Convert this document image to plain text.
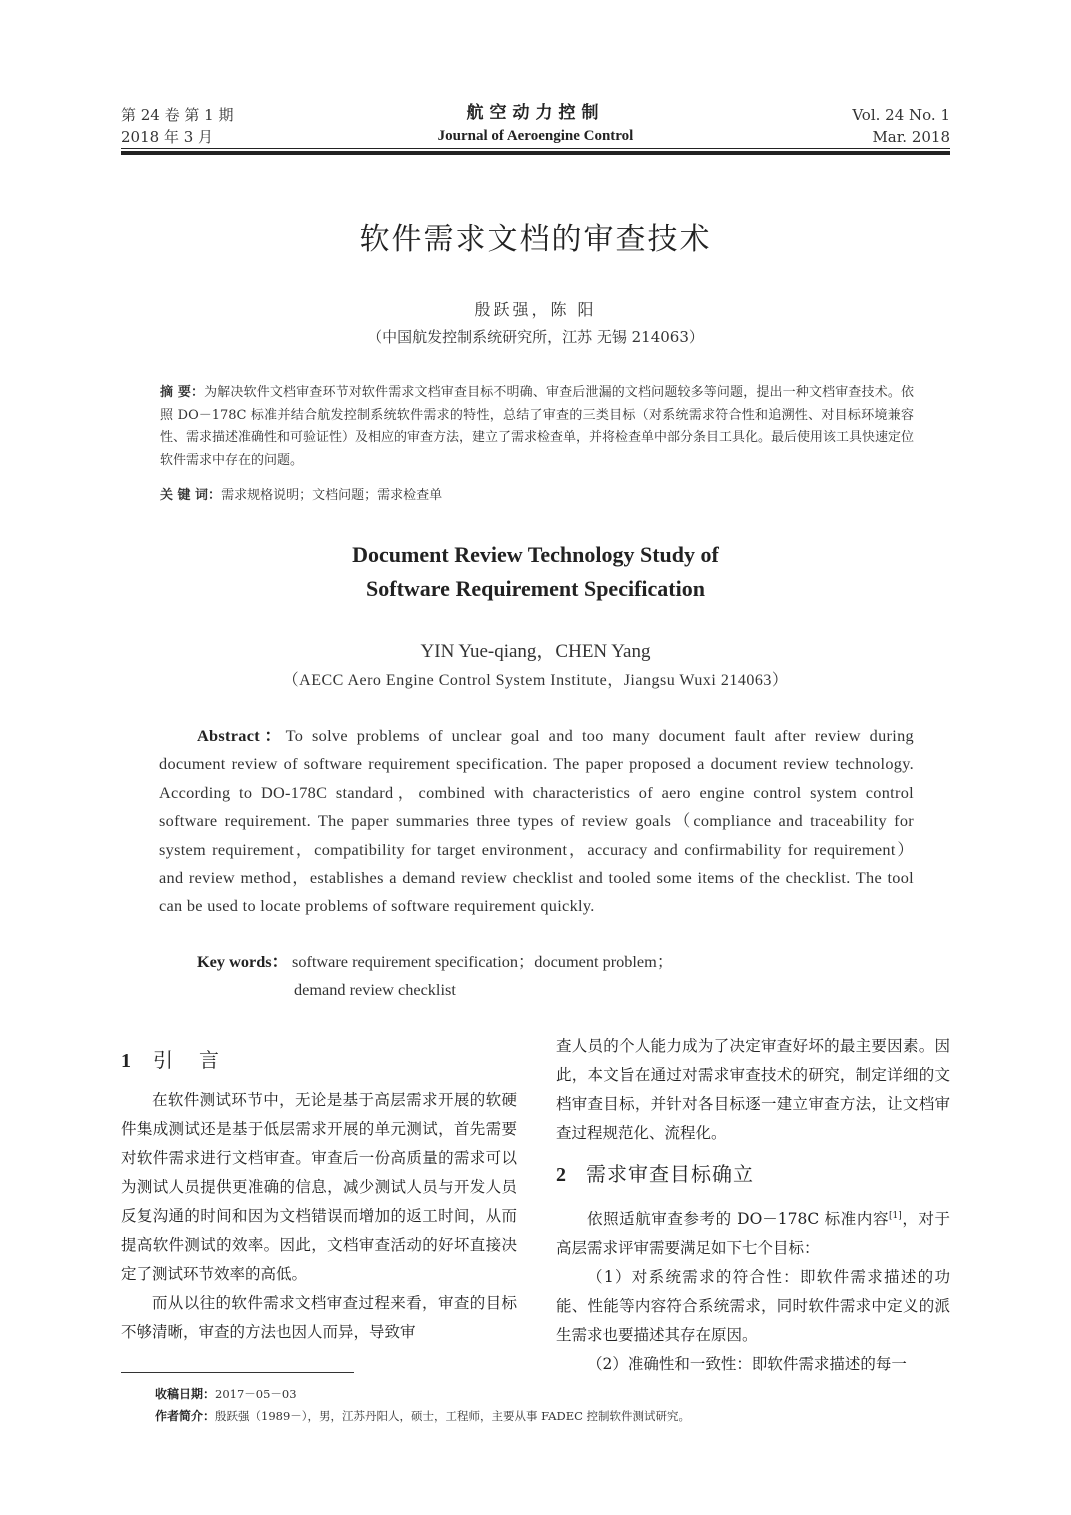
第 24 卷 第 1 期
2018 年 3 月
航空动力控制
Journal of Aeroengine Control
Vol. 24 No. 1
Mar. 2018
软件需求文档的审查技术
殷跃强，陈 阳
（中国航发控制系统研究所，江苏 无锡 214063）
摘 要：为解决软件文档审查环节对软件需求文档审查目标不明确、审查后泄漏的文档问题较多等问题，提出一种文档审查技术。依照 DO－178C 标准并结合航发控制系统软件需求的特性，总结了审查的三类目标（对系统需求符合性和追溯性、对目标环境兼容性、需求描述准确性和可验证性）及相应的审查方法，建立了需求检查单，并将检查单中部分条目工具化。最后使用该工具快速定位软件需求中存在的问题。
关 键 词：需求规格说明；文档问题；需求检查单
Document Review Technology Study of
Software Requirement Specification
YIN Yue-qiang，CHEN Yang
（AECC Aero Engine Control System Institute，Jiangsu Wuxi 214063）
Abstract：To solve problems of unclear goal and too many document fault after review during document review of software requirement specification. The paper proposed a document review technology. According to DO-178C standard，combined with characteristics of aero engine control system control software requirement. The paper summaries three types of review goals（compliance and traceability for system requirement，compatibility for target environment，accuracy and confirmability for requirement）and review method，establishes a demand review checklist and tooled some items of the checklist. The tool can be used to locate problems of software requirement quickly.
Key words： software requirement specification；document problem；
demand review checklist
1 引言

在软件测试环节中，无论是基于高层需求开展的软硬件集成测试还是基于低层需求开展的单元测试，首先需要对软件需求进行文档审查。审查后一份高质量的需求可以为测试人员提供更准确的信息，减少测试人员与开发人员反复沟通的时间和因为文档错误而增加的返工时间，从而提高软件测试的效率。因此，文档审查活动的好坏直接决定了测试环节效率的高低。

而从以往的软件需求文档审查过程来看，审查的目标不够清晰，审查的方法也因人而异，导致审

查人员的个人能力成为了决定审查好坏的最主要因素。因此，本文旨在通过对需求审查技术的研究，制定详细的文档审查目标，并针对各目标逐一建立审查方法，让文档审查过程规范化、流程化。

2 需求审查目标确立

依照适航审查参考的 DO－178C 标准内容[1]，对于高层需求评审需要满足如下七个目标：

（1）对系统需求的符合性：即软件需求描述的功能、性能等内容符合系统需求，同时软件需求中定义的派生需求也要描述其存在原因。

（2）准确性和一致性：即软件需求描述的每一

收稿日期：2017－05－03
作者简介：殷跃强（1989－），男，江苏丹阳人，硕士，工程师，主要从事 FADEC 控制软件测试研究。
